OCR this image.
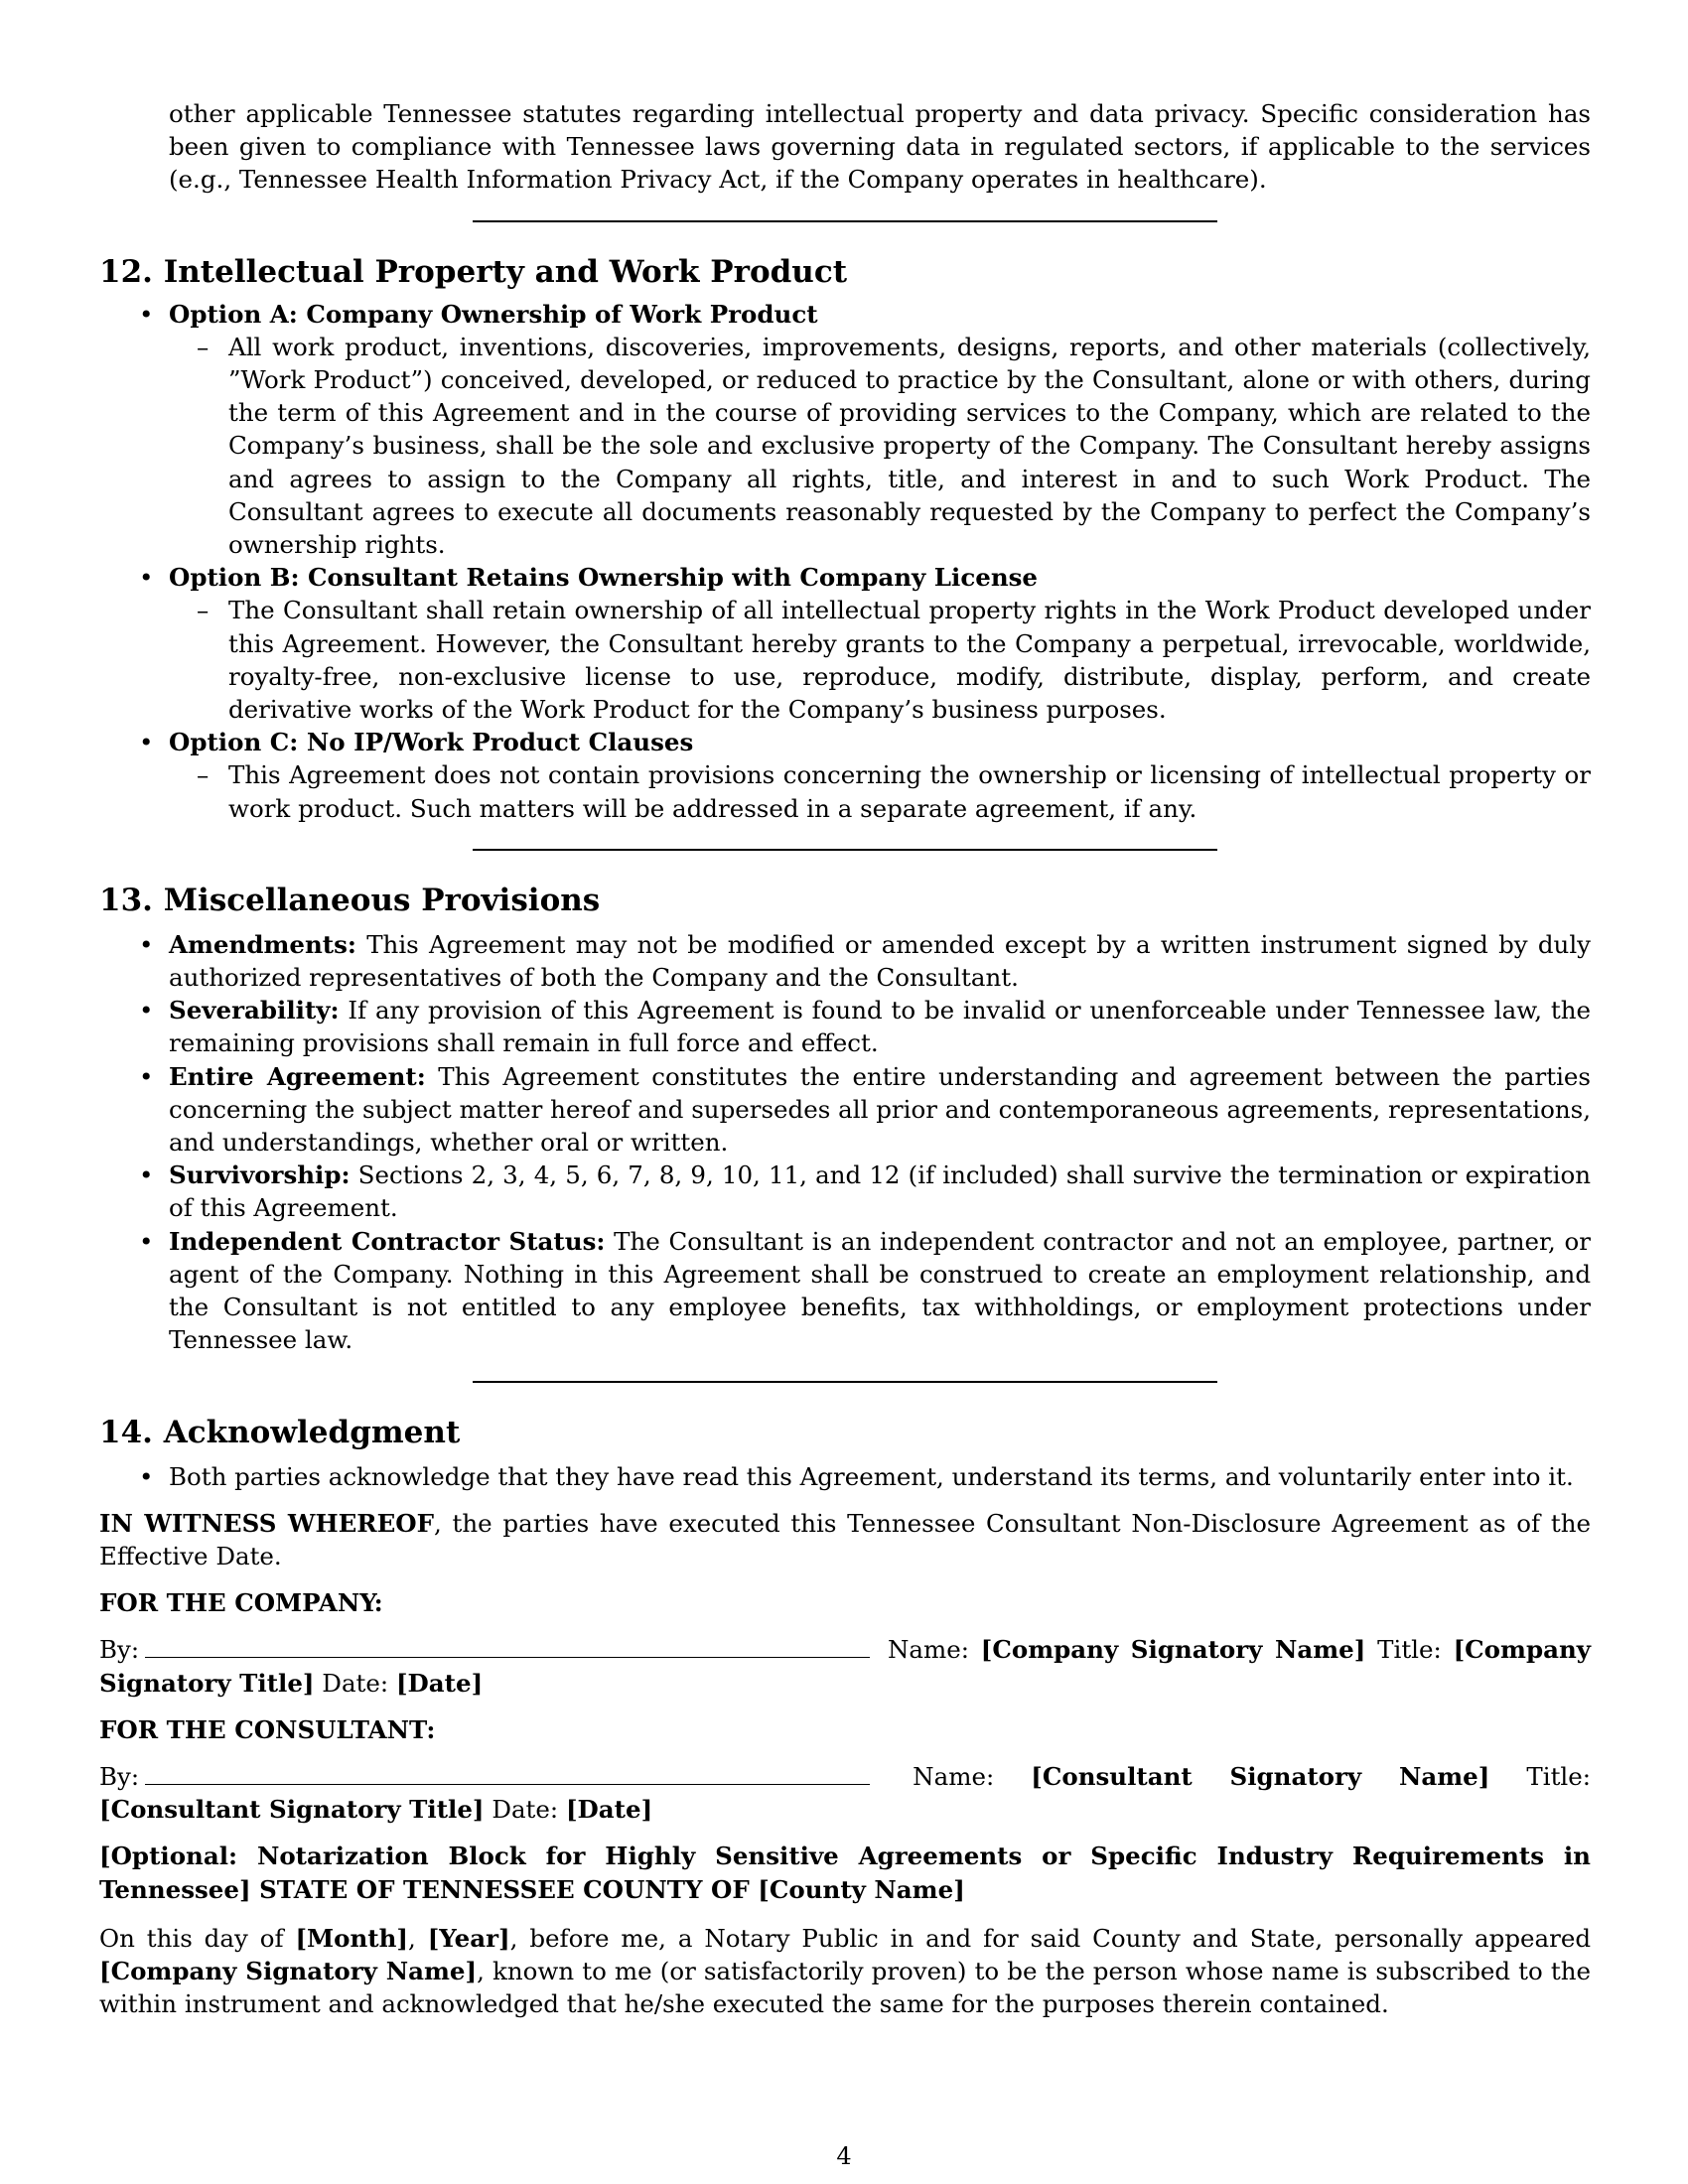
other applicable Tennessee statutes regarding intellectual property and data privacy. Specific consideration has been given to compliance with Tennessee laws governing data in regulated sectors, if applicable to the services (e.g., Tennessee Health Information Privacy Act, if the Company operates in healthcare).

12. Intellectual Property and Work Product
• Option A: Company Ownership of Work Product
– All work product, inventions, discoveries, improvements, designs, reports, and other materials (collectively, ”Work Product”) conceived, developed, or reduced to practice by the Consultant, alone or with others, during the term of this Agreement and in the course of providing services to the Company, which are related to the Company’s business, shall be the sole and exclusive property of the Company. The Consultant hereby assigns and agrees to assign to the Company all rights, title, and interest in and to such Work Product. The Consultant agrees to execute all documents reasonably requested by the Company to perfect the Company’s ownership rights.
• Option B: Consultant Retains Ownership with Company License
– The Consultant shall retain ownership of all intellectual property rights in the Work Product developed under this Agreement. However, the Consultant hereby grants to the Company a perpetual, irrevocable, worldwide, royalty-free, non-exclusive license to use, reproduce, modify, distribute, display, perform, and create derivative works of the Work Product for the Company’s business purposes.
• Option C: No IP/Work Product Clauses
– This Agreement does not contain provisions concerning the ownership or licensing of intellectual property or work product. Such matters will be addressed in a separate agreement, if any.
13. Miscellaneous Provisions
• Amendments: This Agreement may not be modified or amended except by a written instrument signed by duly authorized representatives of both the Company and the Consultant.
• Severability: If any provision of this Agreement is found to be invalid or unenforceable under Tennessee law, the remaining provisions shall remain in full force and effect.
• Entire Agreement: This Agreement constitutes the entire understanding and agreement between the parties concerning the subject matter hereof and supersedes all prior and contemporaneous agreements, representations, and understandings, whether oral or written.
• Survivorship: Sections 2, 3, 4, 5, 6, 7, 8, 9, 10, 11, and 12 (if included) shall survive the termination or expiration of this Agreement.
• Independent Contractor Status: The Consultant is an independent contractor and not an employee, partner, or agent of the Company. Nothing in this Agreement shall be construed to create an employment relationship, and the Consultant is not entitled to any employee benefits, tax withholdings, or employment protections under Tennessee law.
14. Acknowledgment
• Both parties acknowledge that they have read this Agreement, understand its terms, and voluntarily enter into it.

IN WITNESS WHEREOF, the parties have executed this Tennessee Consultant Non-Disclosure Agreement as of the Effective Date.

FOR THE COMPANY:

By:	Name: [Company Signatory Name] Title: [Company Signatory Title] Date: [Date]

FOR THE CONSULTANT:

By:	Name: [Consultant Signatory Name] Title: [Consultant Signatory Title] Date: [Date]

[Optional: Notarization Block for Highly Sensitive Agreements or Specific Industry Requirements in Tennessee] STATE OF TENNESSEE COUNTY OF [County Name]

On this day of [Month], [Year], before me, a Notary Public in and for said County and State, personally appeared [Company Signatory Name], known to me (or satisfactorily proven) to be the person whose name is subscribed to the within instrument and acknowledged that he/she executed the same for the purposes therein contained.

4
